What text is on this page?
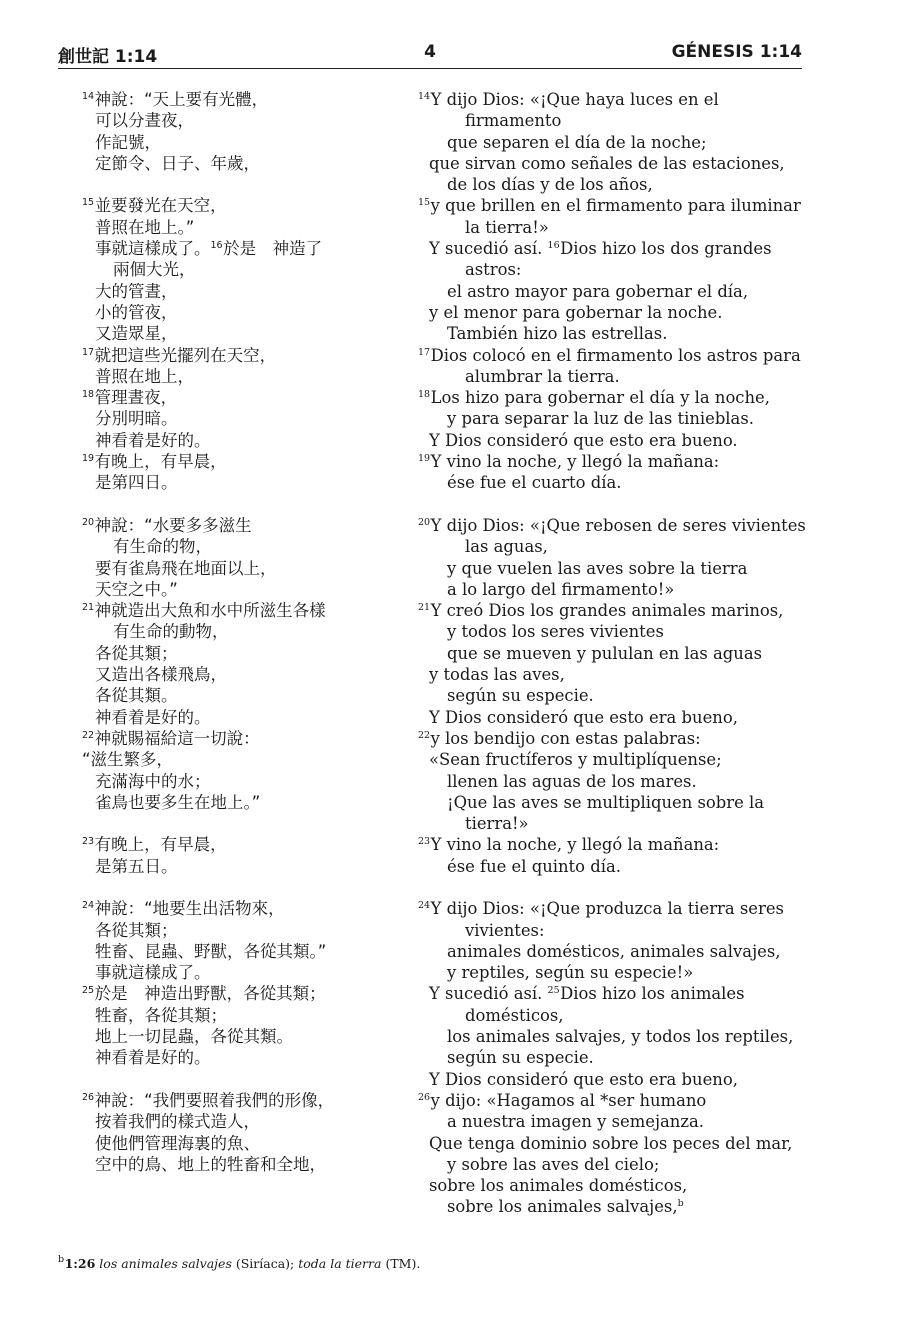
創世記 1:14	4	GÉNESIS 1:14
$^{14}$神說：“天上要有光體，
可以分晝夜，
作記號，
定節令、日子、年歲，
$^{15}$並要發光在天空，
普照在地上。”
事就這樣成了。$^{16}$於是　神造了
兩個大光，
大的管晝，
小的管夜，
又造眾星，
$^{17}$就把這些光擺列在天空，
普照在地上，
$^{18}$管理晝夜，
分別明暗。
神看着是好的。
$^{19}$有晚上，有早晨，
是第四日。
$^{20}$神說：“水要多多滋生
有生命的物，
要有雀鳥飛在地面以上，
天空之中。”
$^{21}$神就造出大魚和水中所滋生各樣
有生命的動物，
各從其類；
又造出各樣飛鳥，
各從其類。
神看着是好的。
$^{22}$神就賜福給這一切說：
“滋生繁多，
充滿海中的水；
雀鳥也要多生在地上。”
$^{23}$有晚上，有早晨，
是第五日。
$^{24}$神說：“地要生出活物來，
各從其類；
牲畜、昆蟲、野獸，各從其類。”
事就這樣成了。
$^{25}$於是　神造出野獸，各從其類；
牲畜，各從其類；
地上一切昆蟲，各從其類。
神看着是好的。
$^{26}$神說：“我們要照着我們的形像，
按着我們的樣式造人，
使他們管理海裏的魚、
空中的鳥、地上的牲畜和全地，
$^{14}$Y dijo Dios: «¡Que haya luces en el
firmamento
que separen el día de la noche;
que sirvan como señales de las estaciones,
de los días y de los años,
$^{15}$y que brillen en el firmamento para iluminar
la tierra!»
Y sucedió así. $^{16}$Dios hizo los dos grandes
astros:
el astro mayor para gobernar el día,
y el menor para gobernar la noche.
También hizo las estrellas.
$^{17}$Dios colocó en el firmamento los astros para
alumbrar la tierra.
$^{18}$Los hizo para gobernar el día y la noche,
y para separar la luz de las tinieblas.
Y Dios consideró que esto era bueno.
$^{19}$Y vino la noche, y llegó la mañana:
ése fue el cuarto día.
$^{20}$Y dijo Dios: «¡Que rebosen de seres vivientes
las aguas,
y que vuelen las aves sobre la tierra
a lo largo del firmamento!»
$^{21}$Y creó Dios los grandes animales marinos,
y todos los seres vivientes
que se mueven y pululan en las aguas
y todas las aves,
según su especie.
Y Dios consideró que esto era bueno,
$^{22}$y los bendijo con estas palabras:
«Sean fructíferos y multiplíquense;
llenen las aguas de los mares.
¡Que las aves se multipliquen sobre la
tierra!»
$^{23}$Y vino la noche, y llegó la mañana:
ése fue el quinto día.
$^{24}$Y dijo Dios: «¡Que produzca la tierra seres
vivientes:
animales domésticos, animales salvajes,
y reptiles, según su especie!»
Y sucedió así. $^{25}$Dios hizo los animales
domésticos,
los animales salvajes, y todos los reptiles,
según su especie.
Y Dios consideró que esto era bueno,
$^{26}$y dijo: «Hagamos al *ser humano
a nuestra imagen y semejanza.
Que tenga dominio sobre los peces del mar,
y sobre las aves del cielo;
sobre los animales domésticos,
sobre los animales salvajes,$^b$
$^b$1:26 los animales salvajes (Siríaca); toda la tierra (TM).
